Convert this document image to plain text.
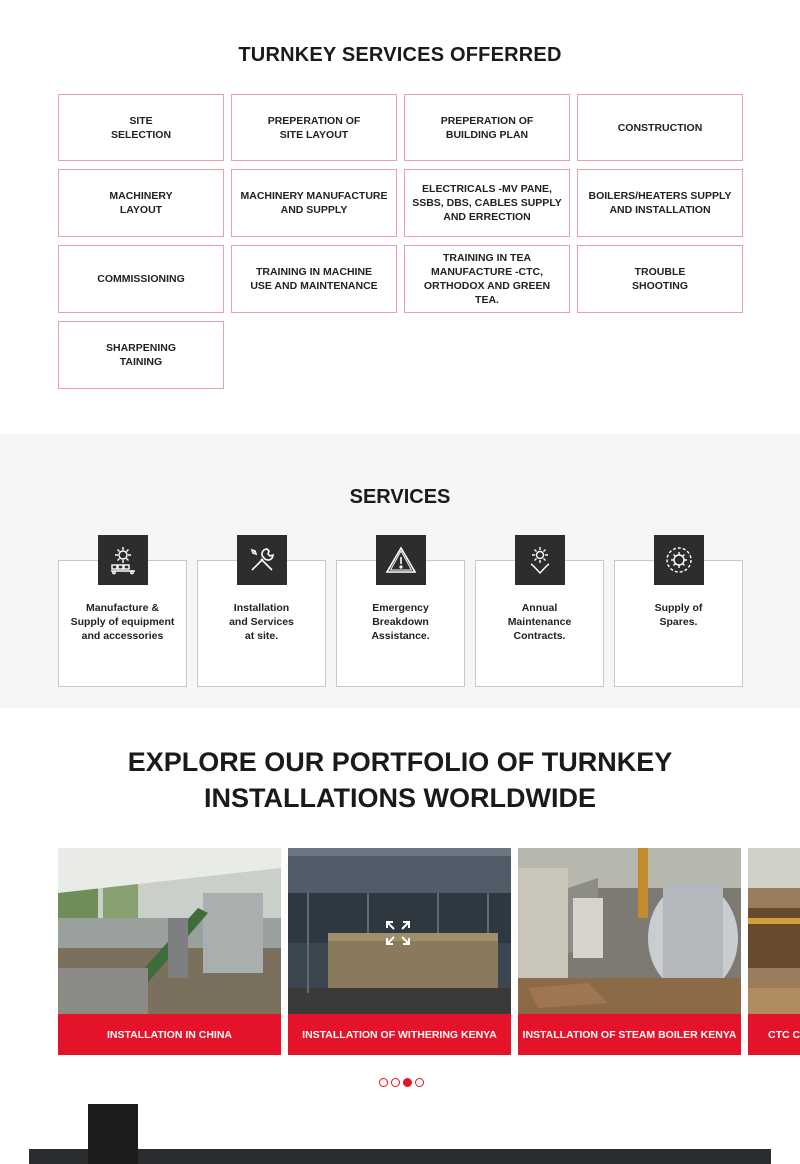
TURNKEY SERVICES OFFERRED
SITE
SELECTION
PREPERATION OF
SITE LAYOUT
PREPERATION OF
BUILDING PLAN
CONSTRUCTION
MACHINERY
LAYOUT
MACHINERY MANUFACTURE
AND SUPPLY
ELECTRICALS -MV PANE,
SSBS, DBS, CABLES SUPPLY
AND ERRECTION
BOILERS/HEATERS SUPPLY
AND INSTALLATION
COMMISSIONING
TRAINING IN MACHINE
USE AND MAINTENANCE
TRAINING IN TEA
MANUFACTURE -CTC,
ORTHODOX AND GREEN TEA.
TROUBLE
SHOOTING
SHARPENING
TAINING
SERVICES
Manufacture &
Supply of equipment
and accessories
Installation
and Services
at site.
Emergency
Breakdown
Assistance.
Annual
Maintenance
Contracts.
Supply of
Spares.
EXPLORE OUR PORTFOLIO OF TURNKEY
INSTALLATIONS WORLDWIDE
INSTALLATION IN CHINA	INSTALLATION OF WITHERING KENYA	INSTALLATION OF STEAM BOILER KENYA	CTC C
